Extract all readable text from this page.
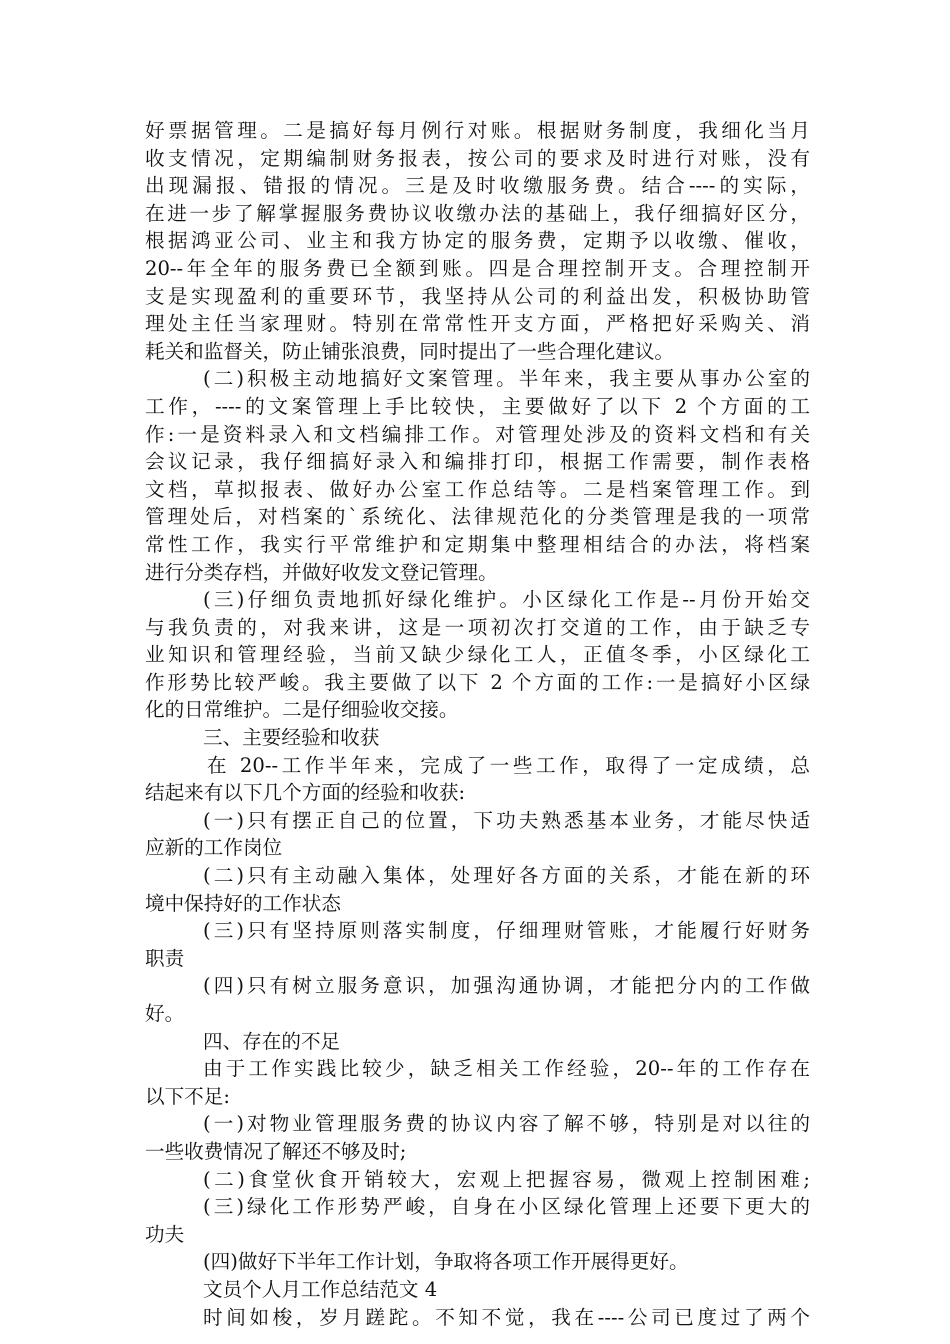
好票据管理。二是搞好每月例行对账。根据财务制度，我细化当月
收支情况，定期编制财务报表，按公司的要求及时进行对账，没有
出现漏报、错报的情况。三是及时收缴服务费。结合----的实际，
在进一步了解掌握服务费协议收缴办法的基础上，我仔细搞好区分，
根据鸿亚公司、业主和我方协定的服务费，定期予以收缴、催收，
20--年全年的服务费已全额到账。四是合理控制开支。合理控制开
支是实现盈利的重要环节，我坚持从公司的利益出发，积极协助管
理处主任当家理财。特别在常常性开支方面，严格把好采购关、消
耗关和监督关，防止铺张浪费，同时提出了一些合理化建议。
(二)积极主动地搞好文案管理。半年来，我主要从事办公室的
工作，----的文案管理上手比较快，主要做好了以下 2 个方面的工
作:一是资料录入和文档编排工作。对管理处涉及的资料文档和有关
会议记录，我仔细搞好录入和编排打印，根据工作需要，制作表格
文档，草拟报表、做好办公室工作总结等。二是档案管理工作。到
管理处后，对档案的`系统化、法律规范化的分类管理是我的一项常
常性工作，我实行平常维护和定期集中整理相结合的办法，将档案
进行分类存档，并做好收发文登记管理。
(三)仔细负责地抓好绿化维护。小区绿化工作是--月份开始交
与我负责的，对我来讲，这是一项初次打交道的工作，由于缺乏专
业知识和管理经验，当前又缺少绿化工人，正值冬季，小区绿化工
作形势比较严峻。我主要做了以下 2 个方面的工作:一是搞好小区绿
化的日常维护。二是仔细验收交接。
三、主要经验和收获
在 20--工作半年来，完成了一些工作，取得了一定成绩，总
结起来有以下几个方面的经验和收获:
(一)只有摆正自己的位置，下功夫熟悉基本业务，才能尽快适
应新的工作岗位
(二)只有主动融入集体，处理好各方面的关系，才能在新的环
境中保持好的工作状态
(三)只有坚持原则落实制度，仔细理财管账，才能履行好财务
职责
(四)只有树立服务意识，加强沟通协调，才能把分内的工作做
好。
四、存在的不足
由于工作实践比较少，缺乏相关工作经验，20--年的工作存在
以下不足:
(一)对物业管理服务费的协议内容了解不够，特别是对以往的
一些收费情况了解还不够及时;
(二)食堂伙食开销较大，宏观上把握容易，微观上控制困难;
(三)绿化工作形势严峻，自身在小区绿化管理上还要下更大的
功夫
(四)做好下半年工作计划，争取将各项工作开展得更好。
文员个人月工作总结范文 4
时间如梭，岁月蹉跎。不知不觉，我在----公司已度过了两个
